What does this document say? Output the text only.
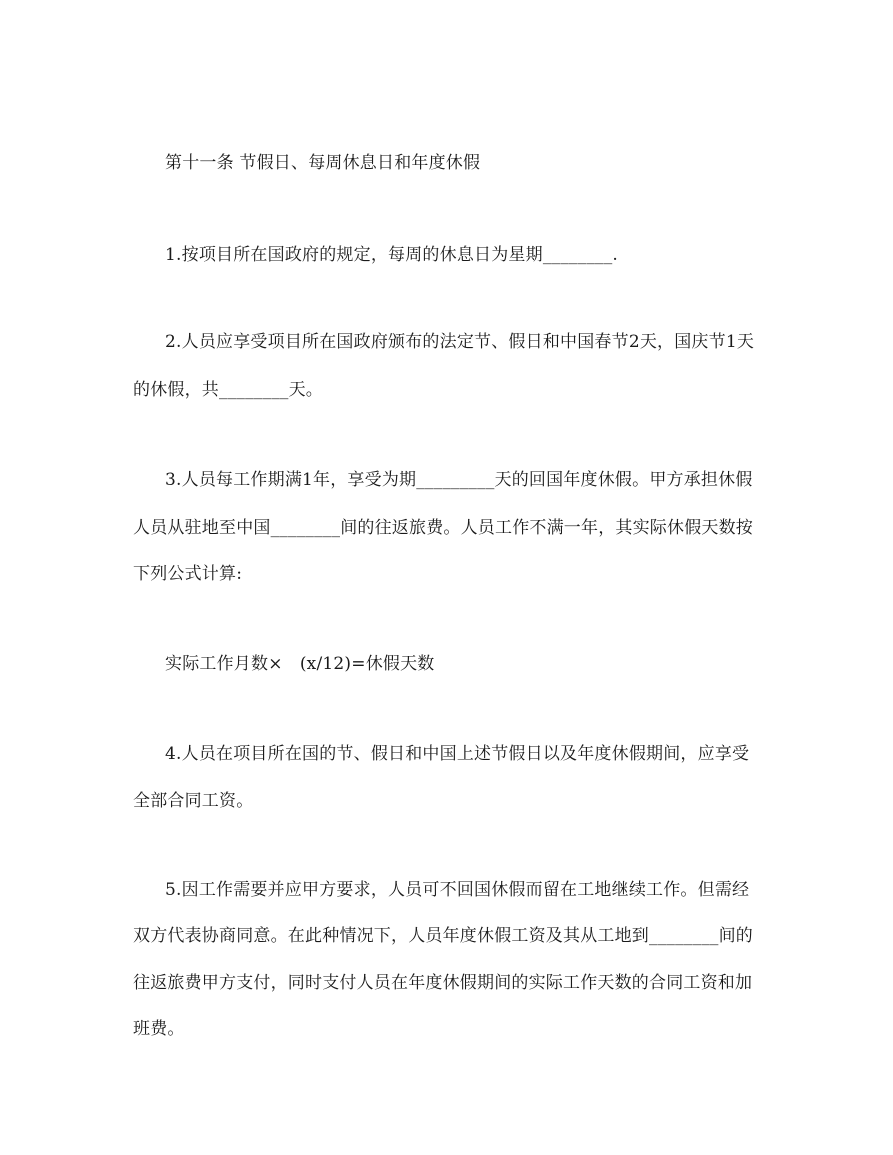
第十一条 节假日、每周休息日和年度休假
1.按项目所在国政府的规定，每周的休息日为星期________.
2.人员应享受项目所在国政府颁布的法定节、假日和中国春节2天，国庆节1天
的休假，共________天。
3.人员每工作期满1年，享受为期_________天的回国年度休假。甲方承担休假
人员从驻地至中国________间的往返旅费。人员工作不满一年，其实际休假天数按
下列公式计算:
实际工作月数×　(x/12)=休假天数
4.人员在项目所在国的节、假日和中国上述节假日以及年度休假期间，应享受
全部合同工资。
5.因工作需要并应甲方要求，人员可不回国休假而留在工地继续工作。但需经
双方代表协商同意。在此种情况下，人员年度休假工资及其从工地到________间的
往返旅费甲方支付，同时支付人员在年度休假期间的实际工作天数的合同工资和加
班费。
